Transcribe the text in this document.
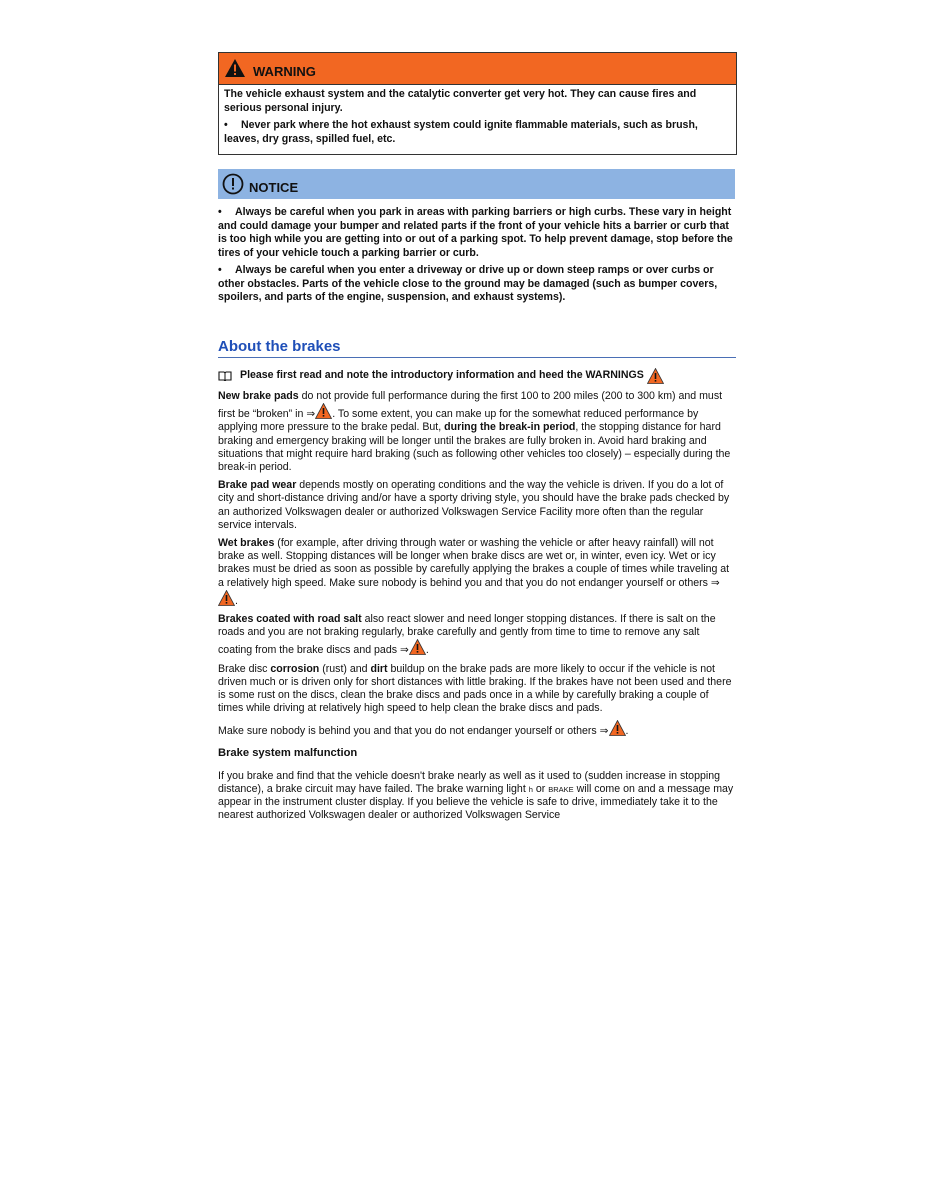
WARNING

The vehicle exhaust system and the catalytic converter get very hot. They can cause fires and serious personal injury.

• Never park where the hot exhaust system could ignite flammable materials, such as brush, leaves, dry grass, spilled fuel, etc.

NOTICE

• Always be careful when you park in areas with parking barriers or high curbs. These vary in height and could damage your bumper and related parts if the front of your vehicle hits a barrier or curb that is too high while you are getting into or out of a parking spot. To help prevent damage, stop before the tires of your vehicle touch a parking barrier or curb.

• Always be careful when you enter a driveway or drive up or down steep ramps or over curbs or other obstacles. Parts of the vehicle close to the ground may be damaged (such as bumper covers, spoilers, and parts of the engine, suspension, and exhaust systems).

About the brakes
Please first read and note the introductory information and heed the WARNINGS

New brake pads do not provide full performance during the first 100 to 200 miles (200 to 300 km) and must first be “broken” in ⇒ . To some extent, you can make up for the somewhat reduced performance by applying more pressure to the brake pedal. But, during the break-in period, the stopping distance for hard braking and emergency braking will be longer until the brakes are fully broken in. Avoid hard braking and situations that might require hard braking (such as following other vehicles too closely) – especially during the break-in period.

Brake pad wear depends mostly on operating conditions and the way the vehicle is driven. If you do a lot of city and short-distance driving and/or have a sporty driving style, you should have the brake pads checked by an authorized Volkswagen dealer or authorized Volkswagen Service Facility more often than the regular service intervals.

Wet brakes (for example, after driving through water or washing the vehicle or after heavy rainfall) will not brake as well. Stopping distances will be longer when brake discs are wet or, in winter, even icy. Wet or icy brakes must be dried as soon as possible by carefully applying the brakes a couple of times while traveling at a relatively high speed. Make sure nobody is behind you and that you do not endanger yourself or others ⇒.

Brakes coated with road salt also react slower and need longer stopping distances. If there is salt on the roads and you are not braking regularly, brake carefully and gently from time to time to remove any salt coating from the brake discs and pads ⇒ .

Brake disc corrosion (rust) and dirt buildup on the brake pads are more likely to occur if the vehicle is not driven much or is driven only for short distances with little braking. If the brakes have not been used and there is some rust on the discs, clean the brake discs and pads once in a while by carefully braking a couple of times while driving at relatively high speed to help clean the brake discs and pads.

Make sure nobody is behind you and that you do not endanger yourself or others ⇒ .

Brake system malfunction

If you brake and find that the vehicle doesn't brake nearly as well as it used to (sudden increase in stopping distance), a brake circuit may have failed. The brake warning light h or BRAKE will come on and a message may appear in the instrument cluster display. If you believe the vehicle is safe to drive, immediately take it to the nearest authorized Volkswagen dealer or authorized Volkswagen Service
